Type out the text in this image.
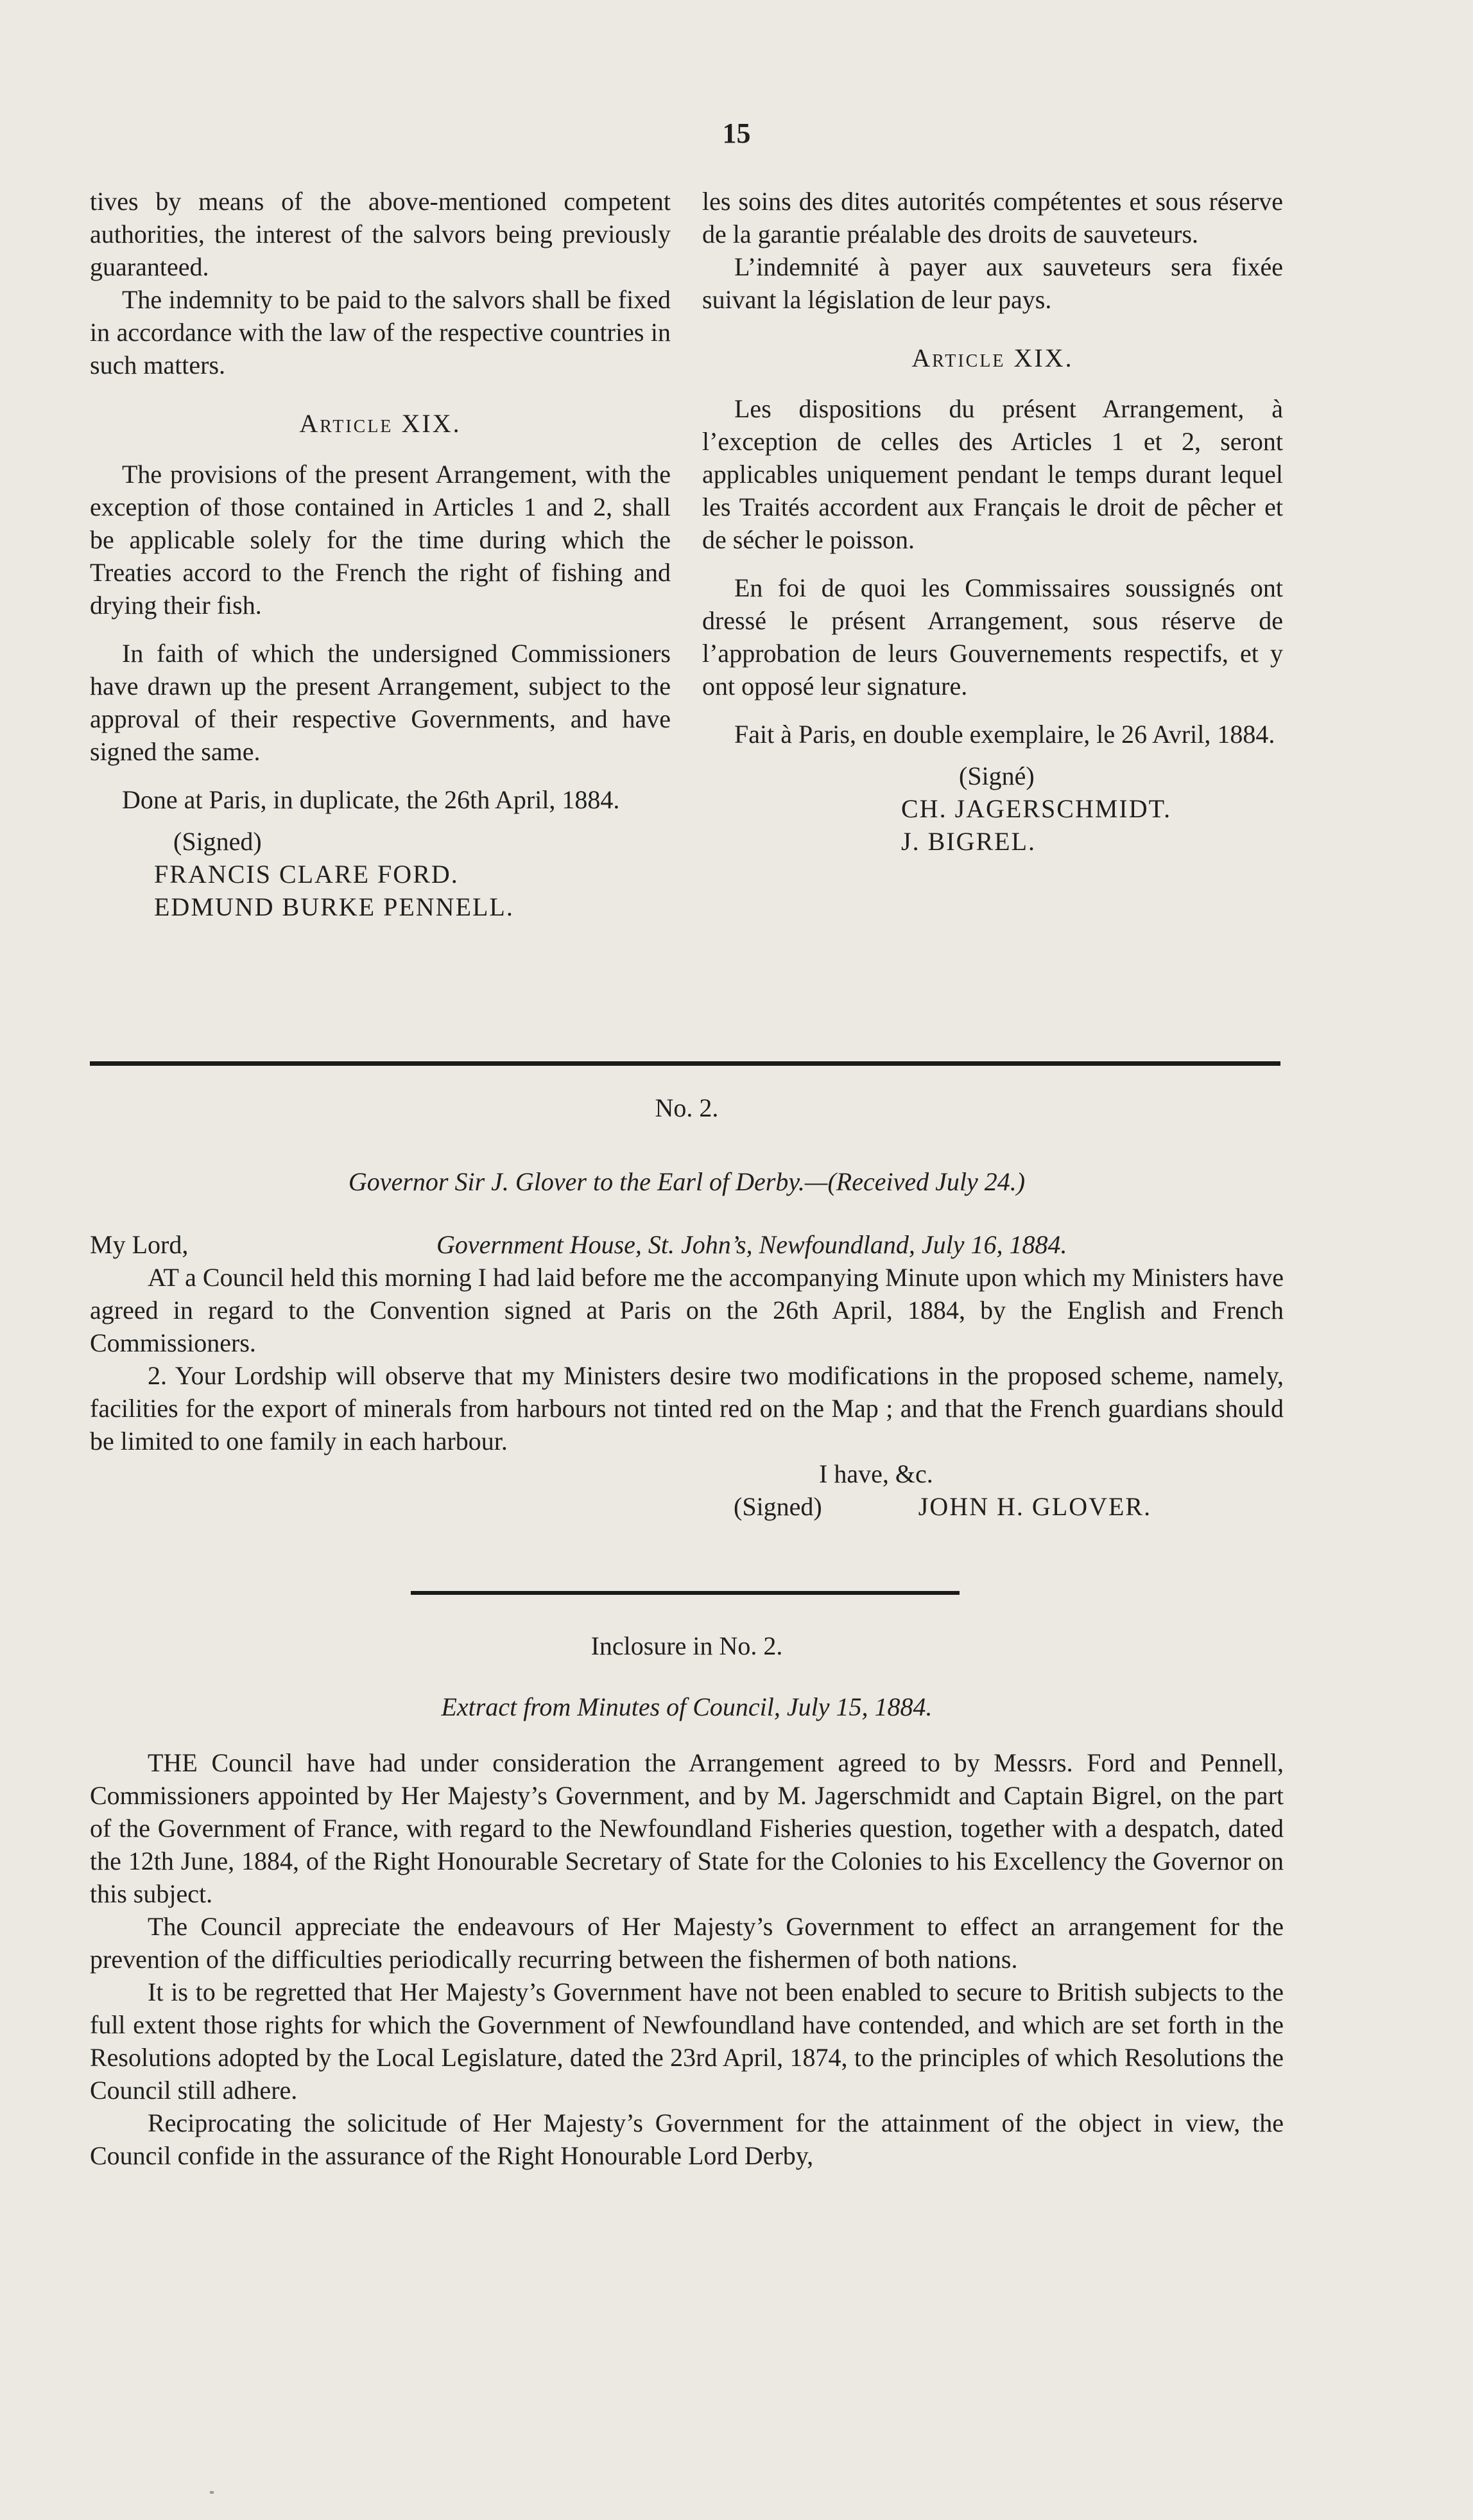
15

tives by means of the above-mentioned competent authorities, the interest of the salvors being previously guaranteed.

The indemnity to be paid to the salvors shall be fixed in accordance with the law of the respective countries in such matters.

Article XIX.

The provisions of the present Arrangement, with the exception of those contained in Articles 1 and 2, shall be applicable solely for the time during which the Treaties accord to the French the right of fishing and drying their fish.

In faith of which the undersigned Commissioners have drawn up the present Arrangement, subject to the approval of their respective Governments, and have signed the same.

Done at Paris, in duplicate, the 26th April, 1884.

(Signed)
FRANCIS CLARE FORD.
EDMUND BURKE PENNELL.

les soins des dites autorités compétentes et sous réserve de la garantie préalable des droits de sauveteurs.

L’indemnité à payer aux sauveteurs sera fixée suivant la législation de leur pays.

Article XIX.

Les dispositions du présent Arrangement, à l’exception de celles des Articles 1 et 2, seront applicables uniquement pendant le temps durant lequel les Traités accordent aux Français le droit de pêcher et de sécher le poisson.

En foi de quoi les Commissaires soussignés ont dressé le présent Arrangement, sous réserve de l’approbation de leurs Gouvernements respectifs, et y ont opposé leur signature.

Fait à Paris, en double exemplaire, le 26 Avril, 1884.

(Signé)
CH. JAGERSCHMIDT.
J. BIGREL.
No. 2.
Governor Sir J. Glover to the Earl of Derby.—(Received July 24.)
My Lord,	Government House, St. John’s, Newfoundland, July 16, 1884.

AT a Council held this morning I had laid before me the accompanying Minute upon which my Ministers have agreed in regard to the Convention signed at Paris on the 26th April, 1884, by the English and French Commissioners.

2. Your Lordship will observe that my Ministers desire two modifications in the proposed scheme, namely, facilities for the export of minerals from harbours not tinted red on the Map ; and that the French guardians should be limited to one family in each harbour.

I have, &c.
(Signed)	JOHN H. GLOVER.
Inclosure in No. 2.
Extract from Minutes of Council, July 15, 1884.

THE Council have had under consideration the Arrangement agreed to by Messrs. Ford and Pennell, Commissioners appointed by Her Majesty’s Government, and by M. Jagerschmidt and Captain Bigrel, on the part of the Government of France, with regard to the Newfoundland Fisheries question, together with a despatch, dated the 12th June, 1884, of the Right Honourable Secretary of State for the Colonies to his Excellency the Governor on this subject.

The Council appreciate the endeavours of Her Majesty’s Government to effect an arrangement for the prevention of the difficulties periodically recurring between the fishermen of both nations.

It is to be regretted that Her Majesty’s Government have not been enabled to secure to British subjects to the full extent those rights for which the Government of Newfoundland have contended, and which are set forth in the Resolutions adopted by the Local Legislature, dated the 23rd April, 1874, to the principles of which Resolutions the Council still adhere.

Reciprocating the solicitude of Her Majesty’s Government for the attainment of the object in view, the Council confide in the assurance of the Right Honourable Lord Derby,
